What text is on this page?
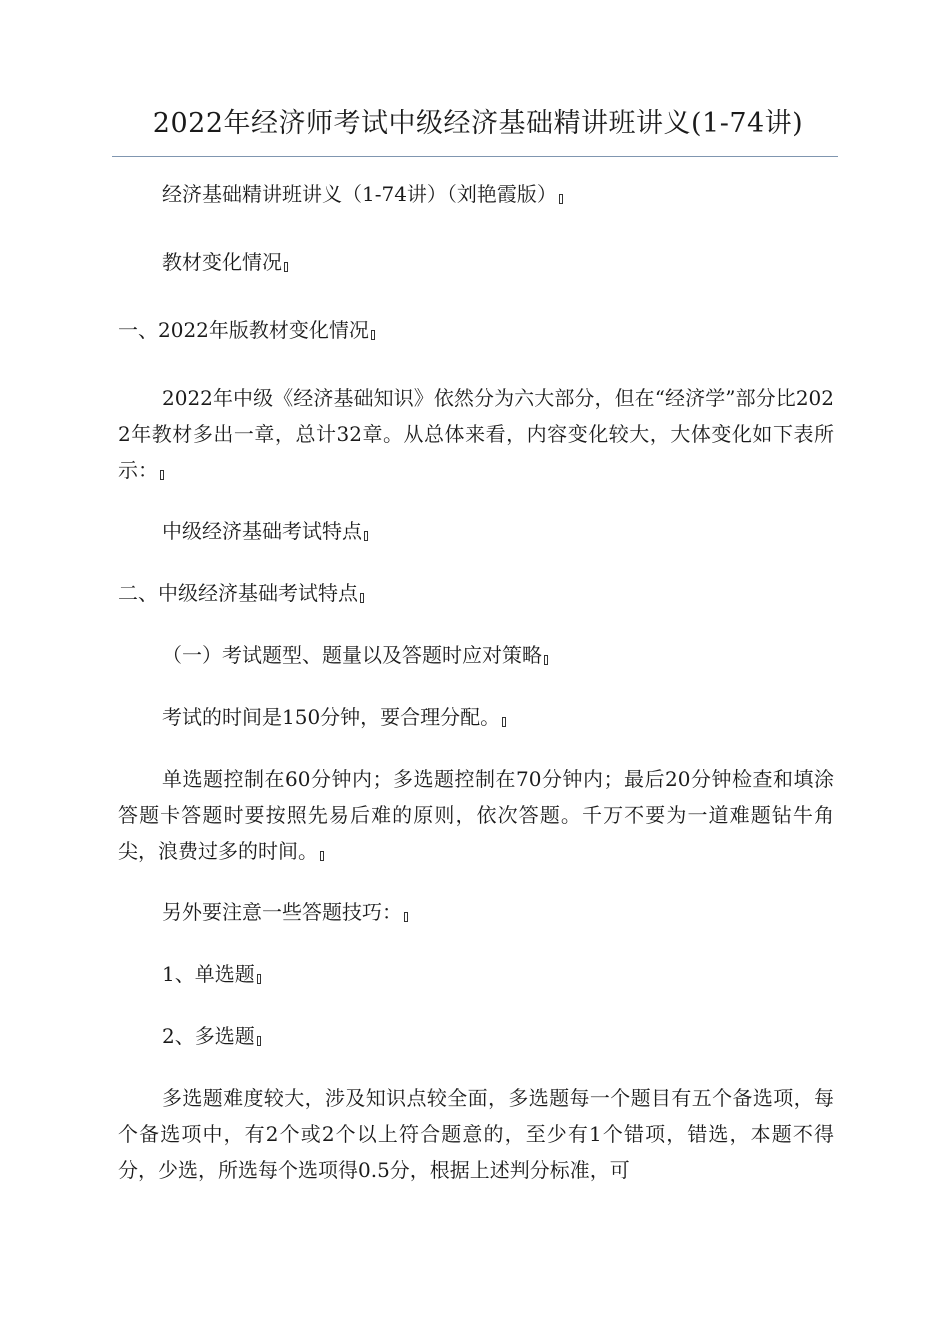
2022年经济师考试中级经济基础精讲班讲义(1-74讲)

经济基础精讲班讲义（1-74讲）（刘艳霞版）

教材变化情况

一、2022年版教材变化情况

2022年中级《经济基础知识》依然分为六大部分，但在“经济学”部分比2022年教材多出一章，总计32章。从总体来看，内容变化较大，大体变化如下表所示：

中级经济基础考试特点

二、中级经济基础考试特点

（一）考试题型、题量以及答题时应对策略

考试的时间是150分钟，要合理分配。

单选题控制在60分钟内；多选题控制在70分钟内；最后20分钟检查和填涂答题卡答题时要按照先易后难的原则，依次答题。千万不要为一道难题钻牛角尖，浪费过多的时间。

另外要注意一些答题技巧：

1、单选题

2、多选题

多选题难度较大，涉及知识点较全面，多选题每一个题目有五个备选项，每个备选项中，有2个或2个以上符合题意的，至少有1个错项，错选，本题不得分，少选，所选每个选项得0.5分，根据上述判分标准，可
